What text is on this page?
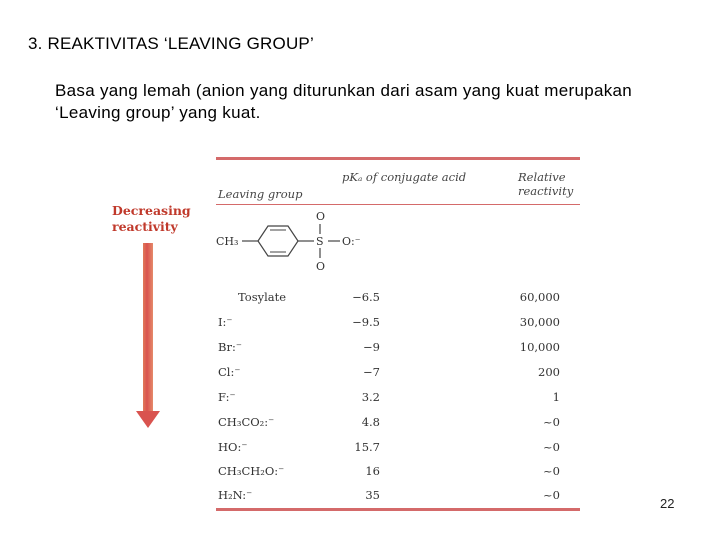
3. REAKTIVITAS ‘LEAVING GROUP’
Basa yang lemah (anion yang diturunkan dari asam yang kuat merupakan ‘Leaving group’ yang kuat.
Decreasing
reactivity
Leaving group
pKₐ of conjugate acid	Relative reactivity
CH₃	S
O
O
O:⁻
Tosylate	−6.5	60,000
I:⁻	−9.5	30,000
Br:⁻	−9	10,000
Cl:⁻	−7	200
F:⁻	3.2	1
CH₃CO₂:⁻	4.8	~0
HO:⁻	15.7	~0
CH₃CH₂O:⁻	16	~0
H₂N:⁻	35	~0
22
